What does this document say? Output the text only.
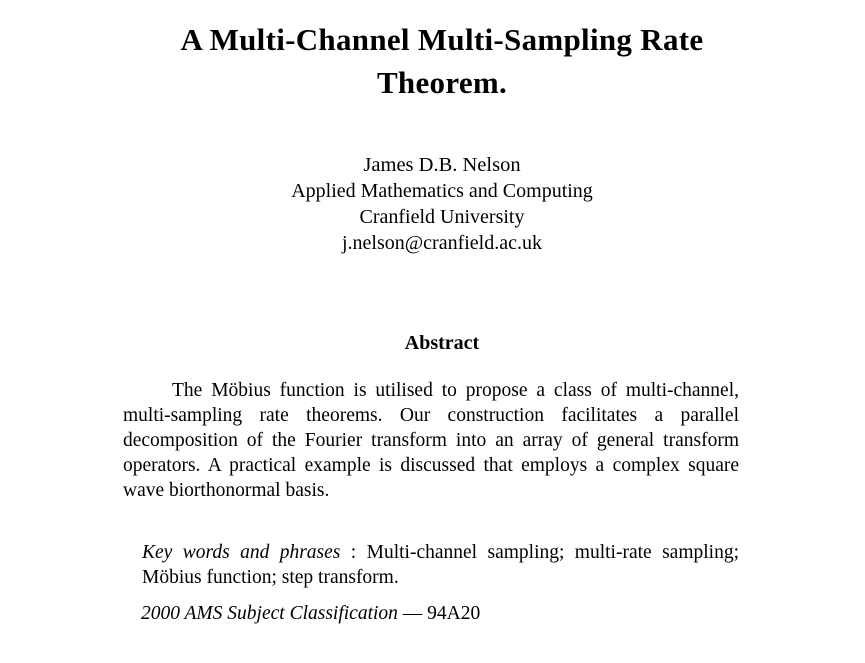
A Multi-Channel Multi-Sampling Rate Theorem.
James D.B. Nelson
Applied Mathematics and Computing
Cranfield University
j.nelson@cranfield.ac.uk
Abstract

The Möbius function is utilised to propose a class of multi-channel, multi-sampling rate theorems. Our construction facilitates a parallel decomposition of the Fourier transform into an array of general transform operators. A practical example is discussed that employs a complex square wave biorthonormal basis.

Key words and phrases : Multi-channel sampling; multi-rate sampling; Möbius function; step transform.

2000 AMS Subject Classification — 94A20
